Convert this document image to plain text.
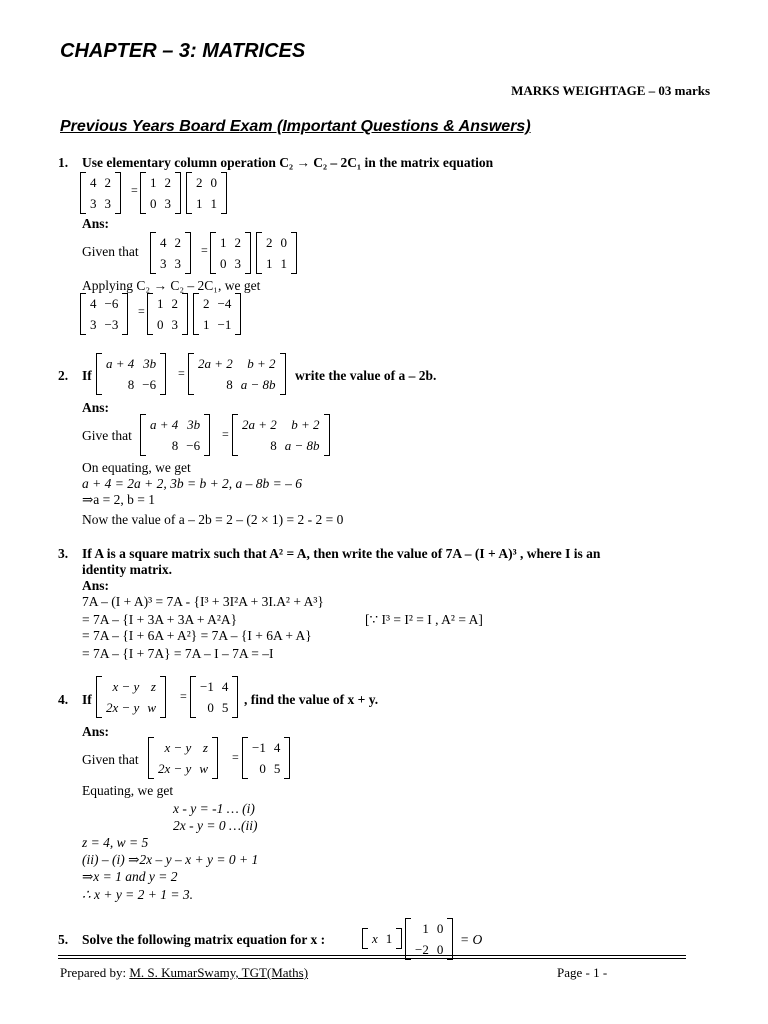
CHAPTER – 3: MATRICES
MARKS WEIGHTAGE – 03 marks
Previous Years Board Exam (Important Questions & Answers)
1. Use elementary column operation C₂ → C₂ – 2C₁ in the matrix equation
4	2
3	3
= 1	2
0	3
2	0
1	1
Ans:
Given that
4	2
3	3
= 1	2
0	3
2	0
1	1
Applying C₂ → C₂ – 2C₁, we get
4	−6
3	−3
= 1	2
0	3
2	−4
1	−1
2. If
a + 4	3b
8	−6
=
2a + 2	b + 2
8	a − 8b
write the value of a – 2b.
Ans:
Give that
a + 4	3b
8	−6
=
2a + 2	b + 2
8	a − 8b
On equating, we get
a + 4 = 2a + 2, 3b = b + 2, a – 8b = – 6
⇒a = 2, b = 1
Now the value of a – 2b = 2 – (2 × 1) = 2 - 2 = 0
3. If A is a square matrix such that A² = A, then write the value of 7A – (I + A)³ , where I is an
identity matrix.
Ans:
7A – (I + A)³ = 7A - {I³ + 3I²A + 3I.A² + A³}
= 7A – {I + 3A + 3A + A²A}	[∵ I³ = I² = I , A² = A]
= 7A – {I + 6A + A²} = 7A – {I + 6A + A}
= 7A – {I + 7A} = 7A – I – 7A = –I
4. If
x − y	z
2x − y	w
=
−1	4
0	5
, find the value of x + y.
Ans:
Given that
x − y	z
2x − y	w
=
−1	4
0	5
Equating, we get
x - y = -1 … (i)
2x - y = 0 …(ii)
z = 4, w = 5
(ii) – (i) ⇒2x – y – x + y = 0 + 1
⇒x = 1 and y = 2
∴ x + y = 2 + 1 = 3.
5. Solve the following matrix equation for x :	x	1
1	0
−2	0
= O
Prepared by: M. S. KumarSwamy, TGT(Maths)	Page - 1 -
